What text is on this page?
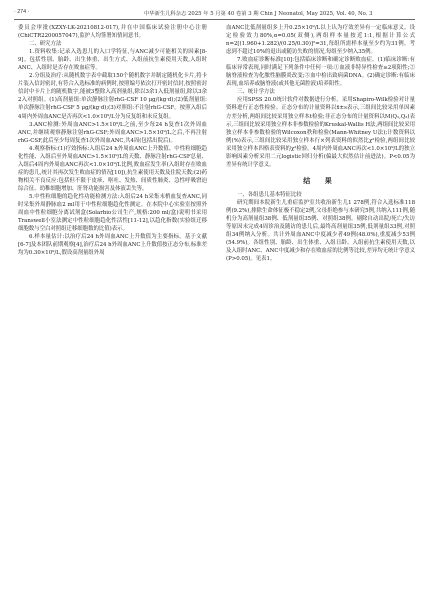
· 274 ·	中华新生儿科杂志 2025 年 5 月第 40 卷第 3 期 Chin J Neonatol, May 2025, Vol. 40, No. 3

委员会审批(XZXY-LK-20210812-017),并在中国临床试验注册中心注册(ChiCTR2200057047),监护人均签署知情同意书。

二、研究方法

1.资料收集:记录入选患儿的入口学特征,与ANC减少可能相关的因素[8-9]。包括性别、胎龄、出生体重、出生方式、入组前抗生素使用天数,入组时ANC、入组时是否存在败血症等。

2.分组及治疗:从随机数字表中截取150个随机数字并制定随机化卡片,将卡片装入信封密封,有符合入选标准的病例时,按照编号依次打开密封信封,按照密封信封中卡片上的随机数字,能被3整除入高剂量组,除以3余1入低剂量组,除以3余2入对照组。(1)高剂量组:单次静脉注射rhG-CSF 10 μg/(kg·d);(2)低剂量组:单次静脉注射rhG-CSF 5 μg/(kg·d);(3)对照组:不注射rhG-CSF。按照入组后4周内外周血ANC是否再次<1.0×10⁹/L分为反复组和未反复组。

3.ANC检测:外周血ANC>1.5×10⁹/L之前,至少每24 h复查1次外周血ANC,并继续观察静脉注射rhG-CSF;外周血ANC>1.5×10⁹/L之后,不再注射rhG-CSF,此后至少每周复查1次外周血ANC,共4周(包括出院后)。

4.观察指标:(1)疗效指标:入组后24 h外周血ANC上升数值、中性粒细胞趋化性能、入组后至外周血ANC>1.5×10⁹/L的天数、静脉注射rhG-CSF总量、入组后4周内外周血ANC再次<1.0×10⁹/L比例,败血症发生率(入组时存在败血症的患儿,统计其再次发生败血症的情况[10]),抗生素使用天数及住院天数;(2)药物相关不良反应:包括但不限于皮疹、呕吐、发热、间质性肺炎、急性呼吸窘迫综合征、幼稚细胞增加、肝肾功能损害及体液丢失等。

5.中性粒细胞的趋化性功能检测方法:入组后24 h采集末梢血复查ANC,同时采集外周静脉血2 ml用于中性粒细胞趋化性测定。在本院中心实验室按照外周血中性粒细胞分离试剂盒(Solarbio公司生产,规格:200 ml/盒)说明书采用Transwell小室法测定中性粒细胞趋化性活性[11-12],以趋化指数(实验组迁移细胞数与空白对照组迁移细胞数的比值)表示。

6.样本量估计:以治疗后24 h外周血ANC上升数值为主要指标。基于文献[6-7]及本团队前期观察[4],治疗后24 h外周血ANC上升数值按正态分布,标准差均为0.30×10⁹/L,假设高剂量组外周

血ANC比低剂量组多上升0.25×10⁹/L以上认为疗效差异有一定临床意义。设定检验效力80%,α=0.05(双侧),两组样本量按近1:1,根据计算公式n=2[(1.960+1.282)/(0.25/0.30)]²=31,每组所需样本量至少约为31例。考虑到不超过10%的退出或随访失败的情况,每组至少纳入35例。

7.败血症诊断标准[10]:包括临床诊断和确定诊断败血症。(1)临床诊断:有临床异常表现,同时满足下列条件中任何一项:①血液非特异性检查≥2项阳性;②脑脊液检查为化脓性脑膜炎改变;③血中检出致病菌DNA。(2)确定诊断:有临床表现,血培养或脑脊液(或其他无菌腔液)培养阳性。

三、统计学方法

应用SPSS 20.0统计软件对数据进行分析。采用Shapiro-Wilk检验对计量资料进行正态性检验。正态分布的计量资料以x̄±s表示,三组间比较采用单因素方差分析,两组间比较采用独立样本t检验;非正态分布的计量资料以M(Q₁,Q₃)表示,三组间比较采用独立样本非参数检验的Kruskal-Wallis H法,两组间比较采用独立样本非参数检验的Wilcoxon秩和检验(Mann-Whitney U法);计数资料以例(%)表示,三组间比较采用独立样本行×列表资料的似然比χ²检验,两组间比较采用独立样本四格表资料的χ²检验。4周内外周血ANC再次<1.0×10⁹/L的独立影响因素分析采用二元logistic回归分析(偏最大似然估计前进法)。P<0.05为差异有统计学意义。

结 果

一、各组患儿基本特征比较

研究期间本院新生儿重症监护室共收治新生儿1 278例,符合入选标准118例(9.2%),排除生命体征极不稳定2例,父母拒绝参与本研究5例,共纳入111例,随机分为高剂量组38例、低剂量组35例、对照组38例。剔除自动出院/死亡/失访等原因未完成4周诊治及随访的患儿后,最终高剂量组35例,低剂量组33例,对照组34例纳入分析。共计外周血ANC中度减少者49例(48.0%),重度减少53例(54.9%)。各组性别、胎龄、出生体重、入组日龄、入组前抗生素使用天数,以及入组时ANC、ANC中度减少和存在败血症的比例等比较,差异均无统计学意义(P>0.05)。见表1。
